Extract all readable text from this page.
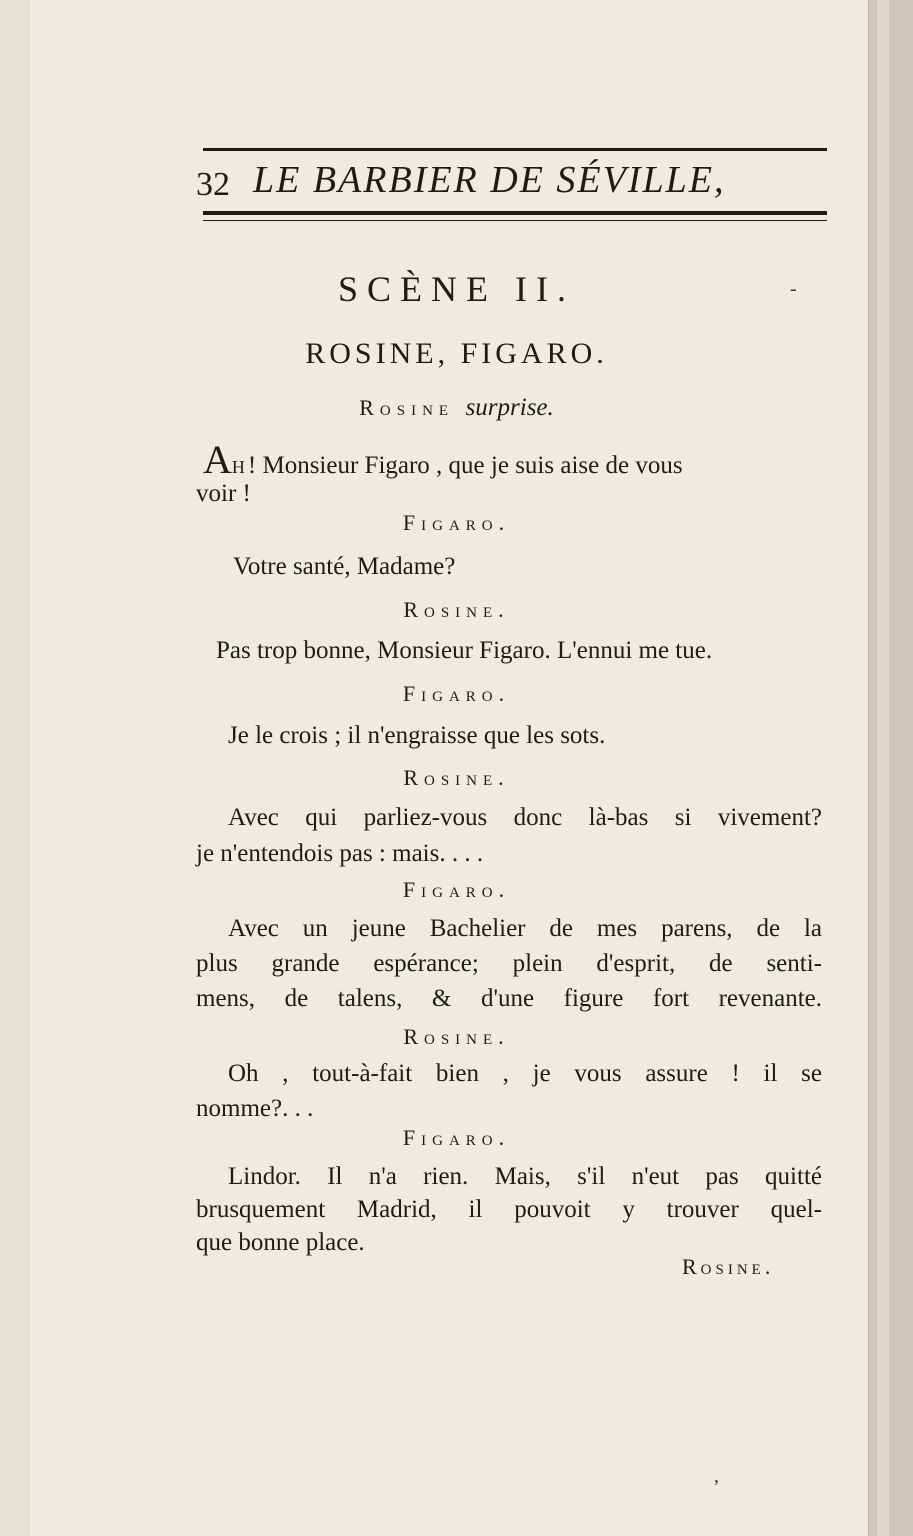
32 LE BARBIER DE SÉVILLE,
SCÈNE II.
ROSINE, FIGARO.
Rosine surprise.
Ah! Monsieur Figaro , que je suis aise de vous
voir !
Figaro.
Votre santé, Madame?
Rosine.
Pas trop bonne, Monsieur Figaro. L'ennui me tue.
Figaro.
Je le crois ; il n'engraisse que les sots.
Rosine.
Avec qui parliez-vous donc là-bas si vivement?
je n'entendois pas : mais. . . .
Figaro.
Avec un jeune Bachelier de mes parens, de la
plus grande espérance; plein d'esprit, de senti-
mens, de talens, & d'une figure fort revenante.
Rosine.
Oh , tout-à-fait bien , je vous assure ! il se
nomme?. . .
Figaro.
Lindor. Il n'a rien. Mais, s'il n'eut pas quitté
brusquement Madrid, il pouvoit y trouver quel-
que bonne place.
Rosine.
-
,
